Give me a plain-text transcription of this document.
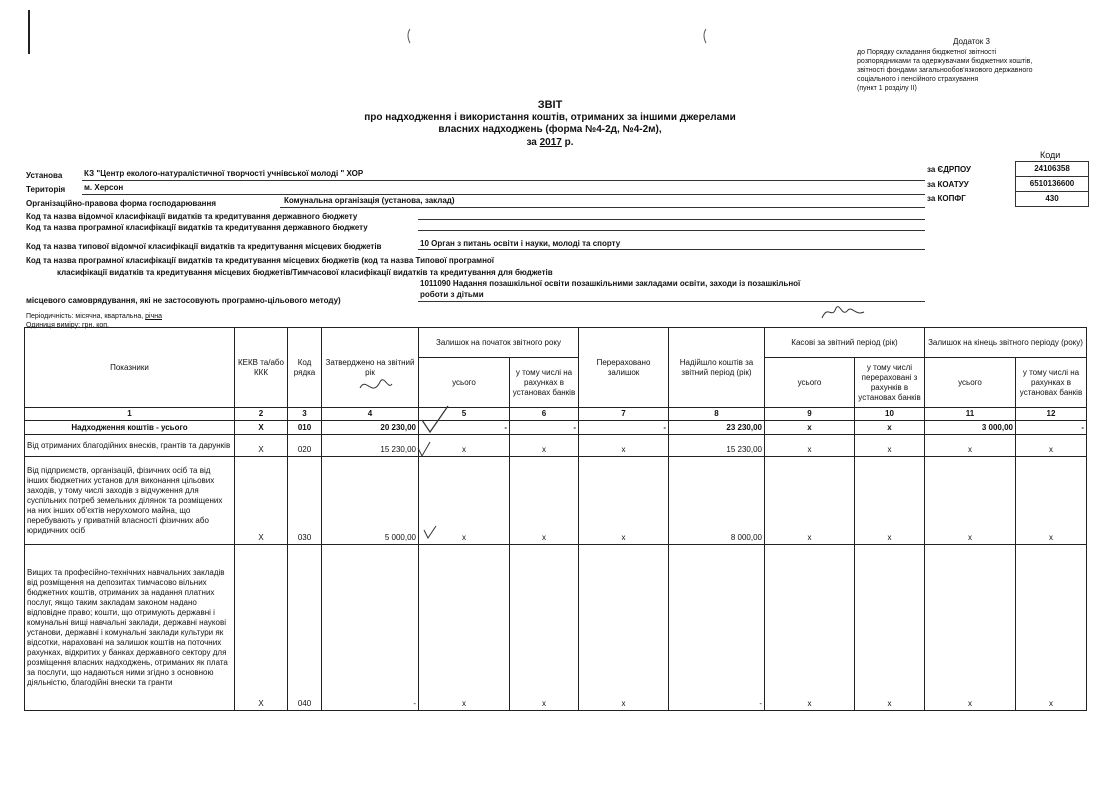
Додаток 3
до Порядку складання бюджетної звітності
розпорядниками та одержувачами бюджетних коштів,
звітності фондами загальнообов'язкового державного
соціального і пенсійного страхування
(пункт 1 розділу ІІ)
ЗВІТ
про надходження і використання коштів, отриманих за іншими джерелами
власних надходжень (форма №4-2д, №4-2м),
за 2017 р.
Коди
за ЄДРПОУ	24106358
за КОАТУУ	6510136600
за КОПФГ	430
Установа	КЗ "Центр еколого-натуралістичної творчості учнівської молоді " ХОР
Територія м. Херсон
Організаційно-правова форма господарювання	Комунальна організація (установа, заклад)
Код та назва відомчої класифікації видатків та кредитування державного бюджету
Код та назва програмної класифікації видатків та кредитування державного бюджету
Код та назва типової відомчої класифікації видатків та кредитування місцевих бюджетів	10 Орган з питань освіти і науки, молоді та спорту
Код та назва програмної класифікації видатків та кредитування місцевих бюджетів (код та назва Типової програмної
класифікації видатків та кредитування місцевих бюджетів/Тимчасової класифікації видатків та кредитування для бюджетів
1011090 Надання позашкільної освіти позашкільними закладами освіти, заходи із позашкільної
роботи з дітьми
місцевого самоврядування, які не застосовують програмно-цільового методу)
Періодичність: місячна, квартальна, річна
Одиниця виміру: грн. коп.
Показники	КЕКВ та/або ККК	Код рядка	Затверджено на звітний рік	Залишок на початок звітного року		Перераховано залишок	Надійшло коштів за звітний період (рік)	Касові за звітний період (рік)		Залишок на кінець звітного періоду (року)	
				усього	у тому числі на рахунках в установах банків			усього	у тому числі перераховані з рахунків в установах банків	усього	у тому числі на рахунках в установах банків
1	2	3	4	5	6	7	8	9	10	11	12
Надходження коштів - усього	Х	010	20 230,00	-	-	-	23 230,00	х	х	3 000,00	-
Від отриманих благодійних внесків, грантів та дарунків	Х	020	15 230,00	х	х	х	15 230,00	х	х	х	х
Від підприємств, організацій, фізичних осіб та від інших бюджетних установ для виконання цільових заходів, у тому числі заходів з відчуження для суспільних потреб земельних ділянок та розміщених на них інших об'єктів нерухомого майна, що перебувають у приватній власності фізичних або юридичних осіб	Х	030	5 000,00	х	х	х	8 000,00	х	х	х	х
Вищих та професійно-технічних навчальних закладів від розміщення на депозитах тимчасово вільних бюджетних коштів, отриманих за надання платних послуг, якщо таким закладам законом надано відповідне право; кошти, що отримують державні і комунальні вищі навчальні заклади, державні наукові установи, державні і комунальні заклади культури як відсотки, нараховані на залишок коштів на поточних рахунках, відкритих у банках державного сектору для розміщення власних надходжень, отриманих як плата за послуги, що надаються ними згідно з основною діяльністю, благодійні внески та гранти	Х	040	-	х	х	х	-	х	х	х	х
